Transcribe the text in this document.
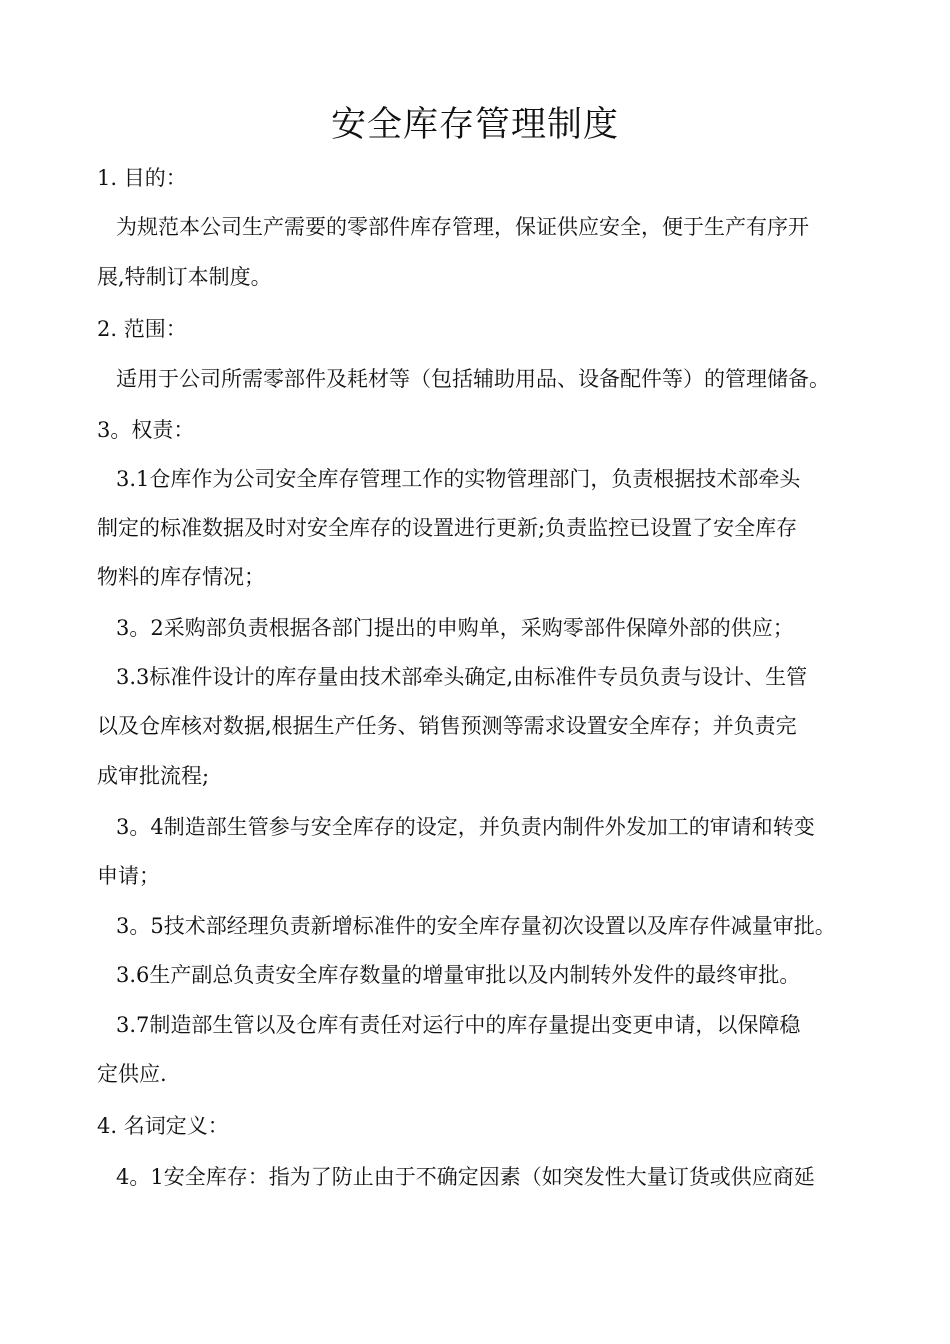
安全库存管理制度
1. 目的：
为规范本公司生产需要的零部件库存管理，保证供应安全，便于生产有序开
展,特制订本制度。
2. 范围：
适用于公司所需零部件及耗材等（包括辅助用品、设备配件等）的管理储备。
3。权责：
3.1仓库作为公司安全库存管理工作的实物管理部门，负责根据技术部牵头
制定的标准数据及时对安全库存的设置进行更新;负责监控已设置了安全库存
物料的库存情况；
3。2采购部负责根据各部门提出的申购单，采购零部件保障外部的供应；
3.3标准件设计的库存量由技术部牵头确定,由标准件专员负责与设计、生管
以及仓库核对数据,根据生产任务、销售预测等需求设置安全库存；并负责完
成审批流程;
3。4制造部生管参与安全库存的设定，并负责内制件外发加工的审请和转变
申请；
3。5技术部经理负责新增标准件的安全库存量初次设置以及库存件减量审批。
3.6生产副总负责安全库存数量的增量审批以及内制转外发件的最终审批。
3.7制造部生管以及仓库有责任对运行中的库存量提出变更申请，以保障稳
定供应.
4. 名词定义：
4。1安全库存：指为了防止由于不确定因素（如突发性大量订货或供应商延
